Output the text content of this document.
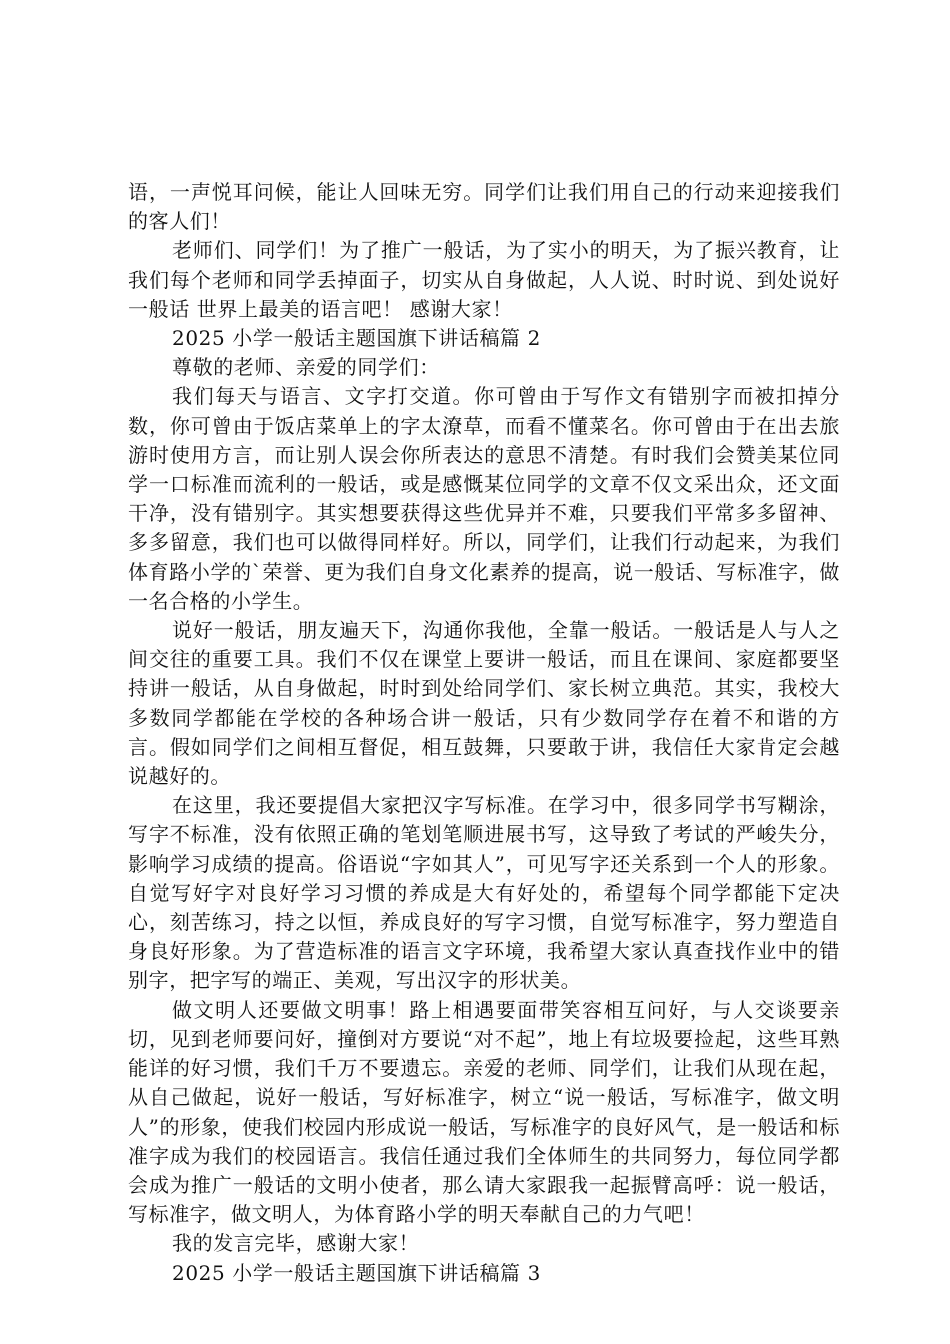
语，一声悦耳问候，能让人回味无穷。同学们让我们用自己的行动来迎接我们的客人们！

老师们、同学们！为了推广一般话，为了实小的明天，为了振兴教育，让我们每个老师和同学丢掉面子，切实从自身做起，人人说、时时说、到处说好一般话 世界上最美的语言吧！ 感谢大家！

2025 小学一般话主题国旗下讲话稿篇 2

尊敬的老师、亲爱的同学们：

我们每天与语言、文字打交道。你可曾由于写作文有错别字而被扣掉分数，你可曾由于饭店菜单上的字太潦草，而看不懂菜名。你可曾由于在出去旅游时使用方言，而让别人误会你所表达的意思不清楚。有时我们会赞美某位同学一口标准而流利的一般话，或是感慨某位同学的文章不仅文采出众，还文面干净，没有错别字。其实想要获得这些优异并不难，只要我们平常多多留神、多多留意，我们也可以做得同样好。所以，同学们，让我们行动起来，为我们体育路小学的`荣誉、更为我们自身文化素养的提高，说一般话、写标准字，做一名合格的小学生。

说好一般话，朋友遍天下，沟通你我他，全靠一般话。一般话是人与人之间交往的重要工具。我们不仅在课堂上要讲一般话，而且在课间、家庭都要坚持讲一般话，从自身做起，时时到处给同学们、家长树立典范。其实，我校大多数同学都能在学校的各种场合讲一般话，只有少数同学存在着不和谐的方言。假如同学们之间相互督促，相互鼓舞，只要敢于讲，我信任大家肯定会越说越好的。

在这里，我还要提倡大家把汉字写标准。在学习中，很多同学书写糊涂，写字不标准，没有依照正确的笔划笔顺进展书写，这导致了考试的严峻失分，影响学习成绩的提高。俗语说“字如其人”，可见写字还关系到一个人的形象。自觉写好字对良好学习习惯的养成是大有好处的，希望每个同学都能下定决心，刻苦练习，持之以恒，养成良好的写字习惯，自觉写标准字，努力塑造自身良好形象。为了营造标准的语言文字环境，我希望大家认真查找作业中的错别字，把字写的端正、美观，写出汉字的形状美。

做文明人还要做文明事！路上相遇要面带笑容相互问好，与人交谈要亲切，见到老师要问好，撞倒对方要说“对不起”，地上有垃圾要捡起，这些耳熟能详的好习惯，我们千万不要遗忘。亲爱的老师、同学们，让我们从现在起，从自己做起，说好一般话，写好标准字，树立“说一般话，写标准字，做文明人”的形象，使我们校园内形成说一般话，写标准字的良好风气，是一般话和标准字成为我们的校园语言。我信任通过我们全体师生的共同努力，每位同学都会成为推广一般话的文明小使者，那么请大家跟我一起振臂高呼：说一般话，写标准字，做文明人，为体育路小学的明天奉献自己的力气吧！

我的发言完毕，感谢大家！

2025 小学一般话主题国旗下讲话稿篇 3
